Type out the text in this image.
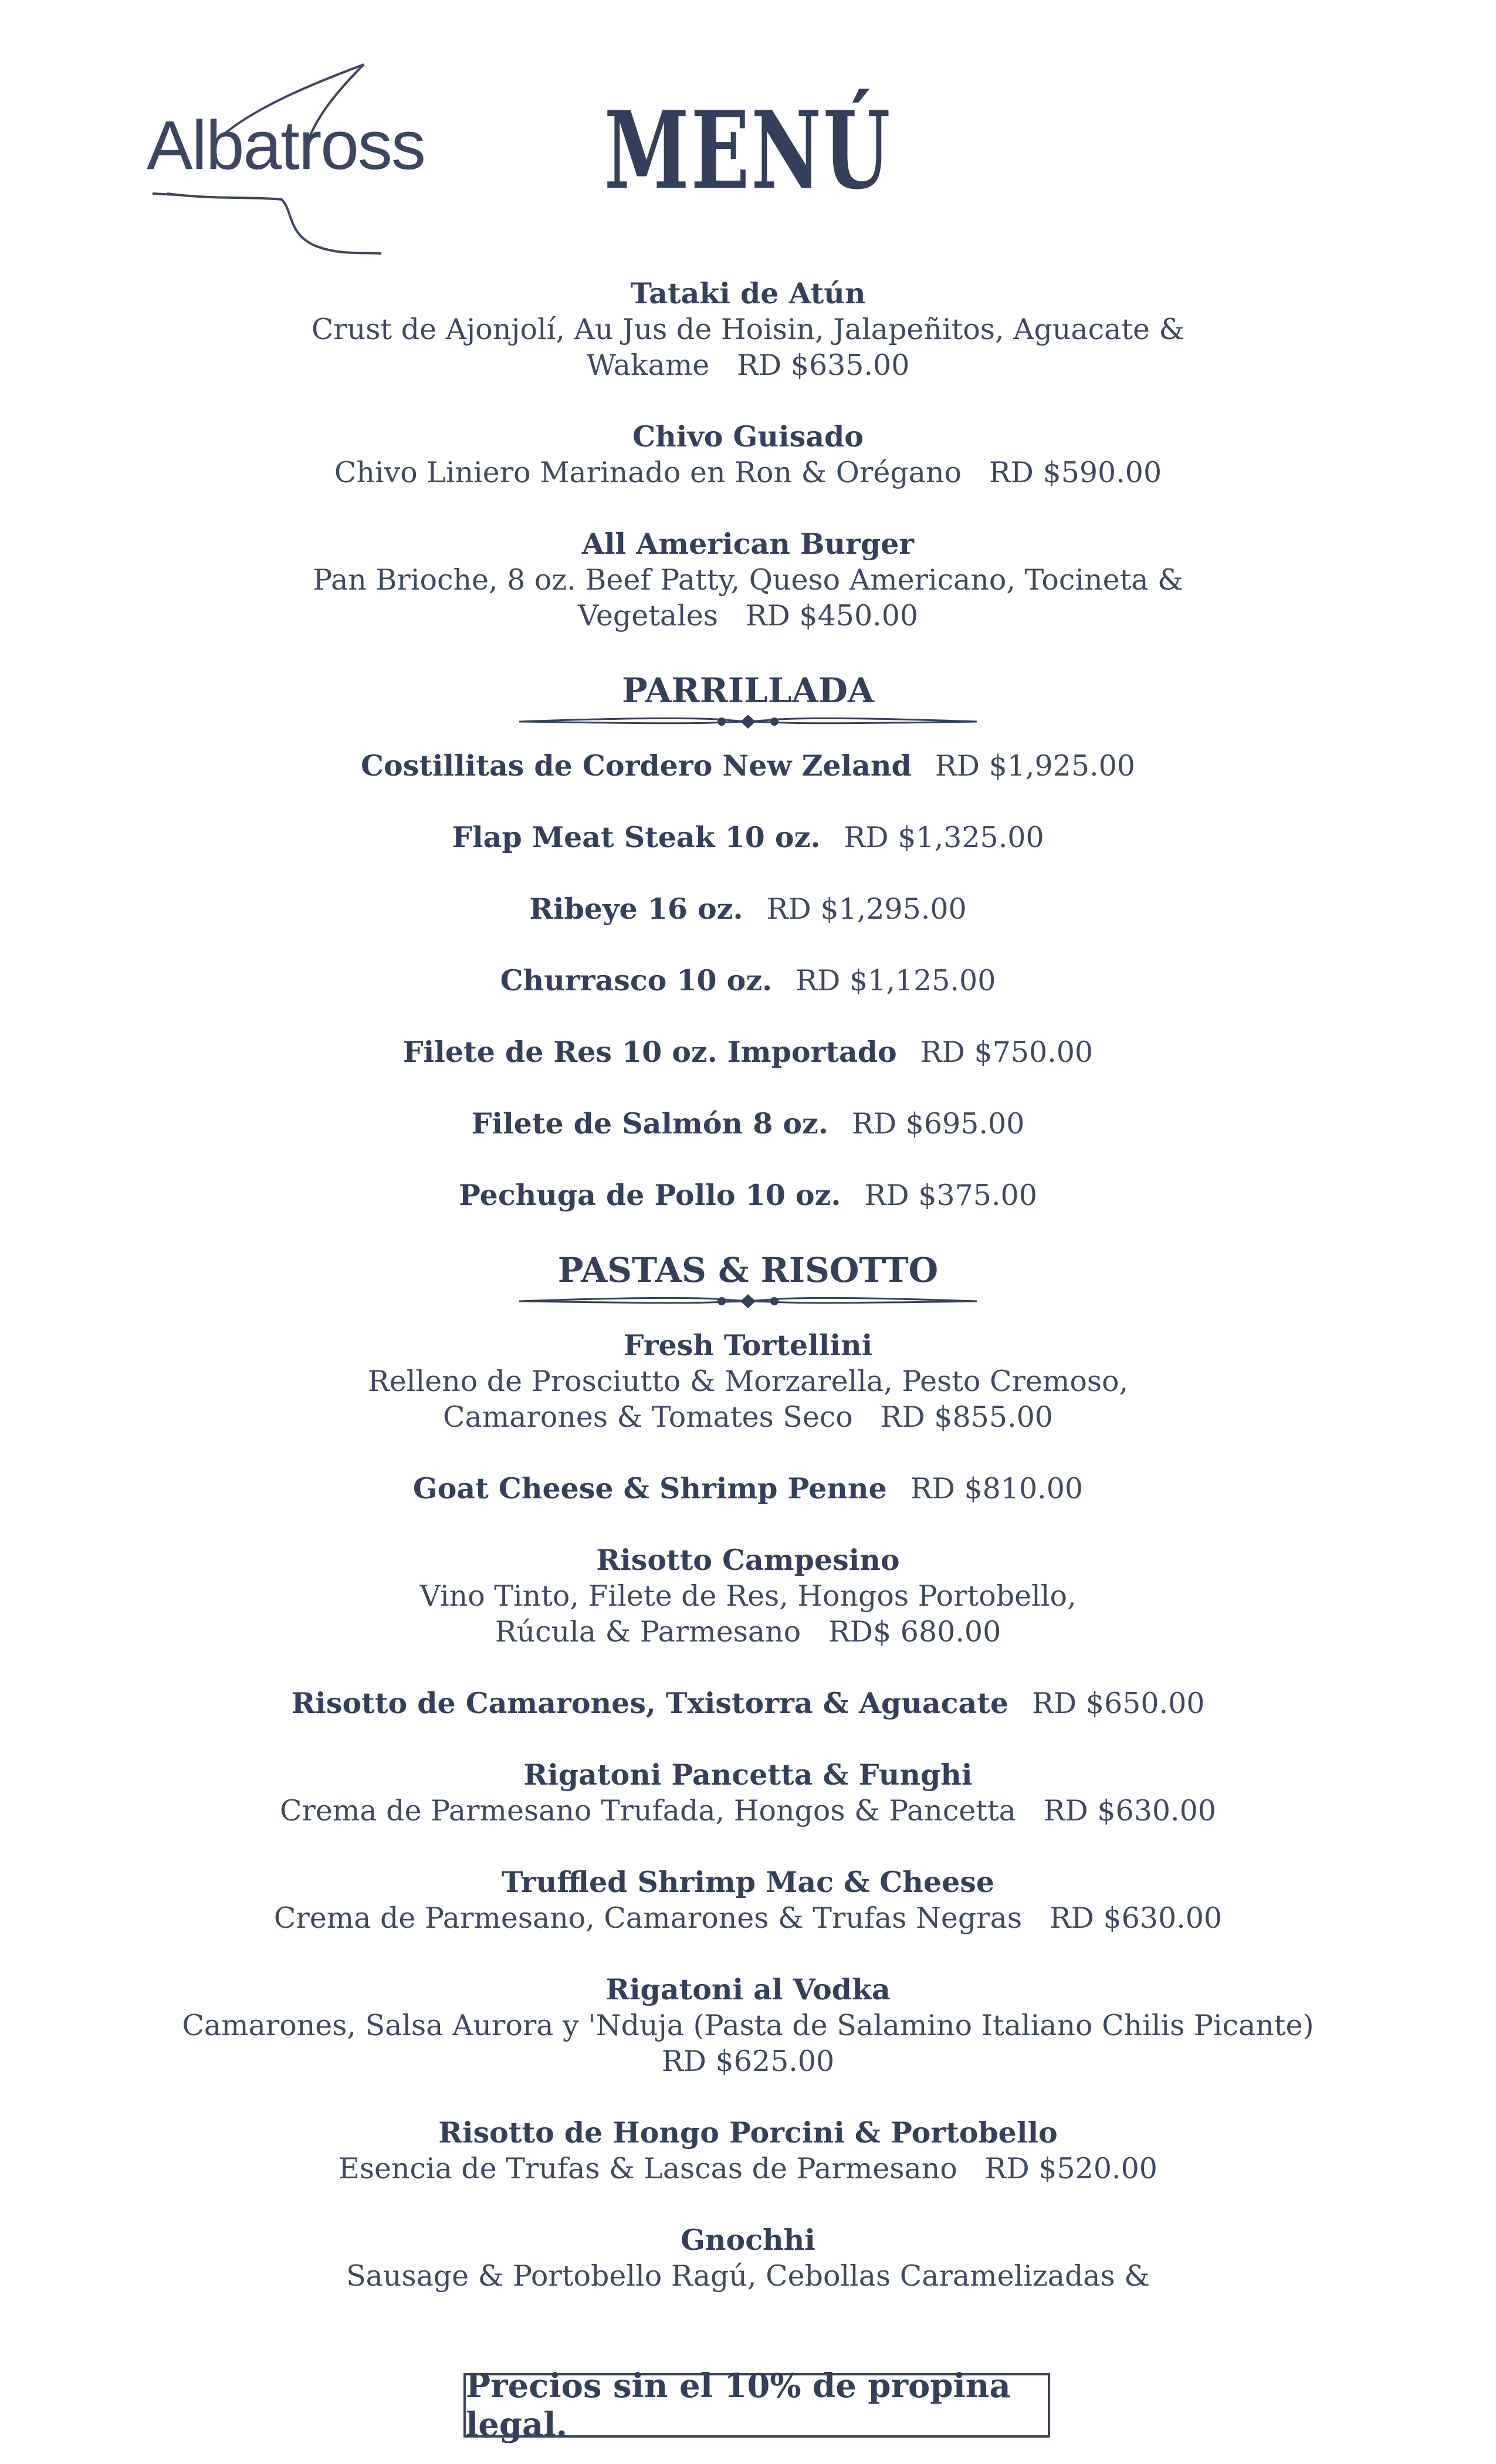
Albatross	MENÚ
Tataki de Atún
Crust de Ajonjolí, Au Jus de Hoisin, Jalapeñitos, Aguacate &
Wakame RD $635.00
Chivo Guisado
Chivo Liniero Marinado en Ron & Orégano RD $590.00
All American Burger
Pan Brioche, 8 oz. Beef Patty, Queso Americano, Tocineta &
Vegetales RD $450.00
PARRILLADA
Costillitas de Cordero New Zeland RD $1,925.00
Flap Meat Steak 10 oz. RD $1,325.00
Ribeye 16 oz. RD $1,295.00
Churrasco 10 oz. RD $1,125.00
Filete de Res 10 oz. Importado RD $750.00
Filete de Salmón 8 oz. RD $695.00
Pechuga de Pollo 10 oz. RD $375.00
PASTAS & RISOTTO
Fresh Tortellini
Relleno de Prosciutto & Morzarella, Pesto Cremoso,
Camarones & Tomates Seco RD $855.00
Goat Cheese & Shrimp Penne RD $810.00
Risotto Campesino
Vino Tinto, Filete de Res, Hongos Portobello,
Rúcula & Parmesano RD$ 680.00
Risotto de Camarones, Txistorra & Aguacate RD $650.00
Rigatoni Pancetta & Funghi
Crema de Parmesano Trufada, Hongos & Pancetta RD $630.00
Truffled Shrimp Mac & Cheese
Crema de Parmesano, Camarones & Trufas Negras RD $630.00
Rigatoni al Vodka
Camarones, Salsa Aurora y 'Nduja (Pasta de Salamino Italiano Chilis Picante)
RD $625.00
Risotto de Hongo Porcini & Portobello
Esencia de Trufas & Lascas de Parmesano RD $520.00
Gnochhi
Sausage & Portobello Ragú, Cebollas Caramelizadas &
Precios sin el 10% de propina legal.
